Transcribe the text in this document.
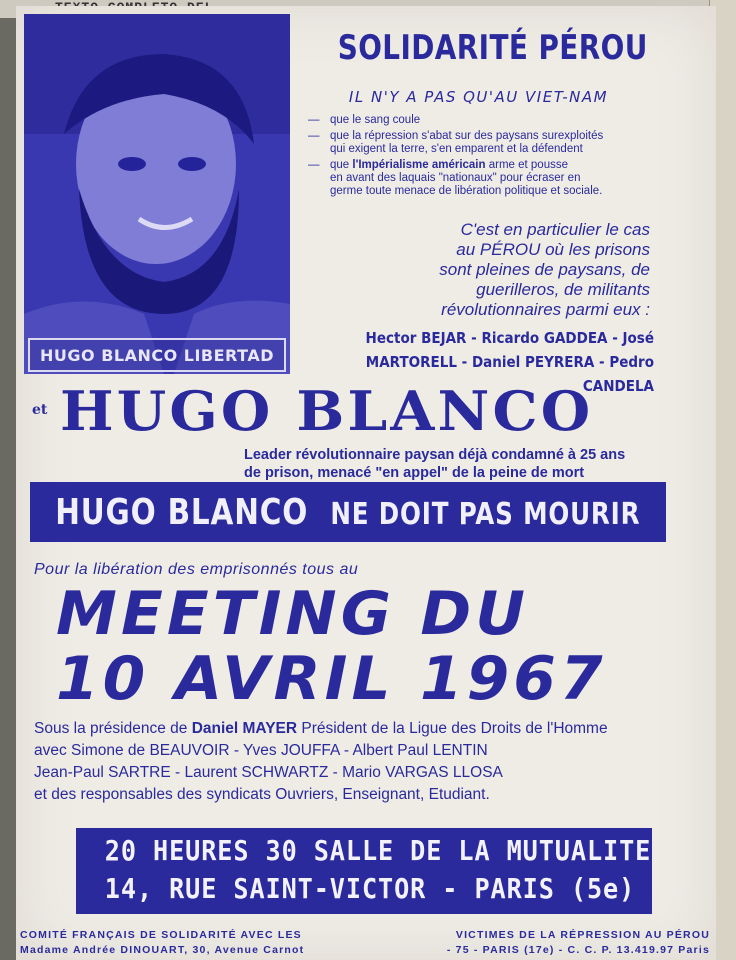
HUGO BLANCO LIBERTAD
SOLIDARITÉ PÉROU
IL N'Y A PAS QU'AU VIET-NAM
— que le sang coule
— que la répression s'abat sur des paysans surexploités
qui exigent la terre, s'en emparent et la défendent
— que l'Impérialisme américain arme et pousse
en avant des laquais "nationaux" pour écraser en
germe toute menace de libération politique et sociale.
C'est en particulier le cas
au PÉROU où les prisons
sont pleines de paysans, de
guerilleros, de militants
révolutionnaires parmi eux :
Hector BEJAR - Ricardo GADDEA - José
MARTORELL - Daniel PEYRERA - Pedro CANDELA
et HUGO BLANCO
Leader révolutionnaire paysan déjà condamné à 25 ans
de prison, menacé "en appel" de la peine de mort
HUGO BLANCO NE DOIT PAS MOURIR
Pour la libération des emprisonnés tous au
MEETING DU
10 AVRIL 1967
Sous la présidence de Daniel MAYER Président de la Ligue des Droits de l'Homme
avec Simone de BEAUVOIR - Yves JOUFFA - Albert Paul LENTIN
Jean-Paul SARTRE - Laurent SCHWARTZ - Mario VARGAS LLOSA
et des responsables des syndicats Ouvriers, Enseignant, Etudiant.
20 HEURES 30 SALLE DE LA MUTUALITE
14, RUE SAINT-VICTOR - PARIS (5e)
COMITÉ FRANÇAIS DE SOLIDARITÉ AVEC LES	VICTIMES DE LA RÉPRESSION AU PÉROU
Madame Andrée DINOUART, 30, Avenue Carnot	- 75 - PARIS (17e) - C. C. P. 13.419.97 Paris
